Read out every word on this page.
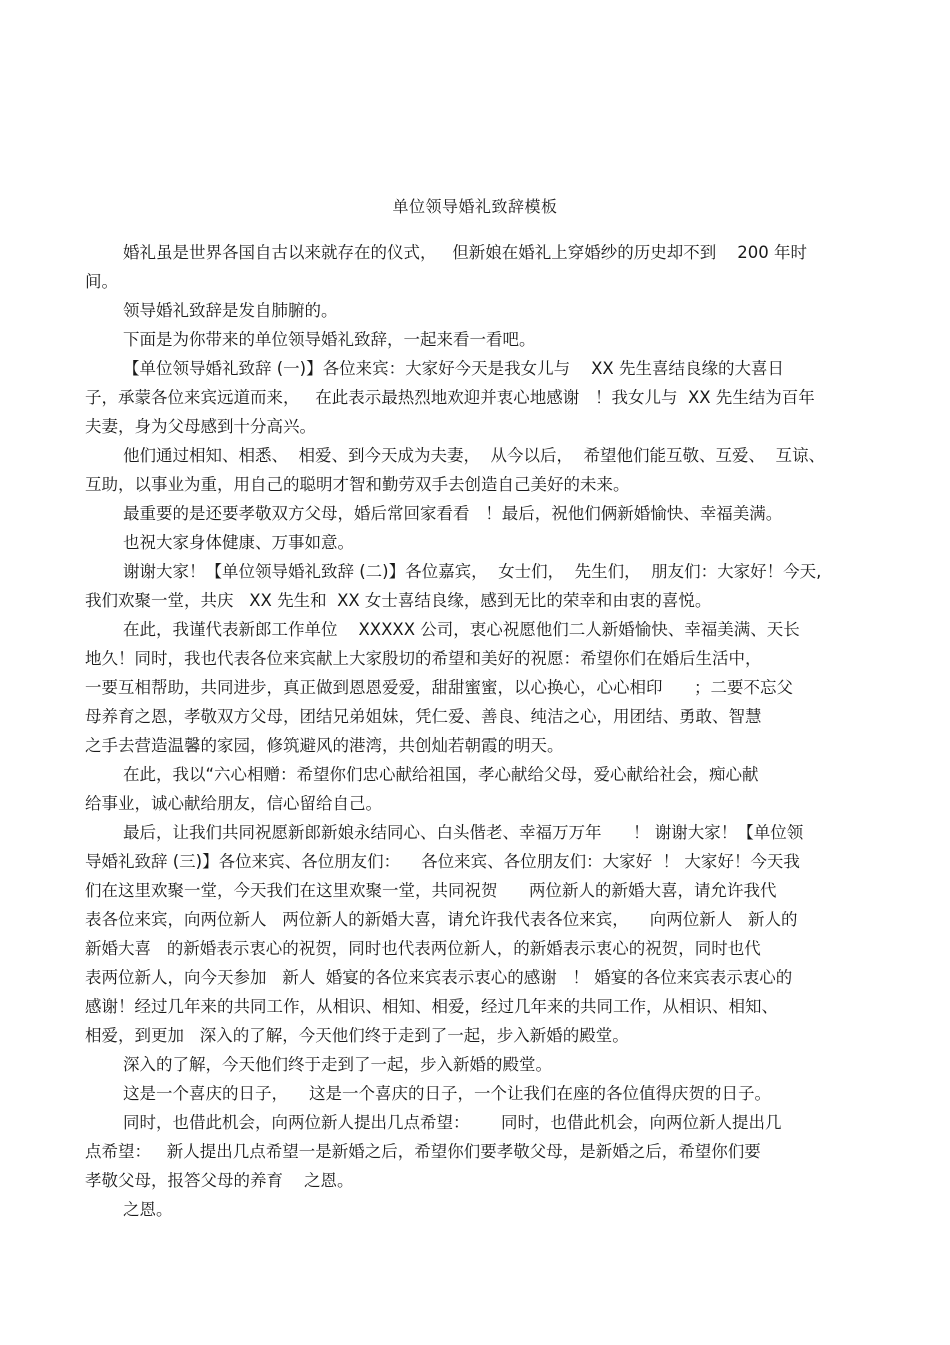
单位领导婚礼致辞模板
婚礼虽是世界各国自古以来就存在的仪式，   但新娘在婚礼上穿婚纱的历史却不到    200 年时
间。
领导婚礼致辞是发自肺腑的。
下面是为你带来的单位领导婚礼致辞，一起来看一看吧。
【单位领导婚礼致辞 (一)】各位来宾：大家好今天是我女儿与    XX 先生喜结良缘的大喜日
子，承蒙各位来宾远道而来，   在此表示最热烈地欢迎并衷心地感谢   ！我女儿与  XX 先生结为百年
夫妻，身为父母感到十分高兴。
他们通过相知、相悉、  相爱、到今天成为夫妻，  从今以后，  希望他们能互敬、互爱、  互谅、
互助，以事业为重，用自己的聪明才智和勤劳双手去创造自己美好的未来。
最重要的是还要孝敬双方父母，婚后常回家看看   ！最后，祝他们俩新婚愉快、幸福美满。
也祝大家身体健康、万事如意。
谢谢大家！【单位领导婚礼致辞 (二)】各位嘉宾，  女士们，  先生们，  朋友们：大家好！今天,
我们欢聚一堂，共庆   XX 先生和  XX 女士喜结良缘，感到无比的荣幸和由衷的喜悦。
在此，我谨代表新郎工作单位    XXXXX 公司，衷心祝愿他们二人新婚愉快、幸福美满、天长
地久！同时，我也代表各位来宾献上大家殷切的希望和美好的祝愿：希望你们在婚后生活中，
一要互相帮助，共同进步，真正做到恩恩爱爱，甜甜蜜蜜，以心换心，心心相印      ；二要不忘父
母养育之恩，孝敬双方父母，团结兄弟姐妹，凭仁爱、善良、纯洁之心，用团结、勇敢、智慧
之手去营造温馨的家园，修筑避风的港湾，共创灿若朝霞的明天。
在此，我以“六心相赠：希望你们忠心献给祖国，孝心献给父母，爱心献给社会，痴心献
给事业，诚心献给朋友，信心留给自己。
最后，让我们共同祝愿新郎新娘永结同心、白头偕老、幸福万万年      ！ 谢谢大家！【单位领
导婚礼致辞 (三)】各位来宾、各位朋友们：    各位来宾、各位朋友们：大家好  ！ 大家好！今天我
们在这里欢聚一堂，今天我们在这里欢聚一堂，共同祝贺      两位新人的新婚大喜，请允许我代
表各位来宾，向两位新人   两位新人的新婚大喜，请允许我代表各位来宾，    向两位新人   新人的
新婚大喜   的新婚表示衷心的祝贺，同时也代表两位新人，的新婚表示衷心的祝贺，同时也代
表两位新人，向今天参加   新人  婚宴的各位来宾表示衷心的感谢   ！ 婚宴的各位来宾表示衷心的
感谢！经过几年来的共同工作，从相识、相知、相爱，经过几年来的共同工作，从相识、相知、
相爱，到更加   深入的了解，今天他们终于走到了一起，步入新婚的殿堂。
深入的了解，今天他们终于走到了一起，步入新婚的殿堂。
这是一个喜庆的日子，    这是一个喜庆的日子，一个让我们在座的各位值得庆贺的日子。
同时，也借此机会，向两位新人提出几点希望：      同时，也借此机会，向两位新人提出几
点希望：   新人提出几点希望一是新婚之后，希望你们要孝敬父母，是新婚之后，希望你们要
孝敬父母，报答父母的养育    之恩。
之恩。
